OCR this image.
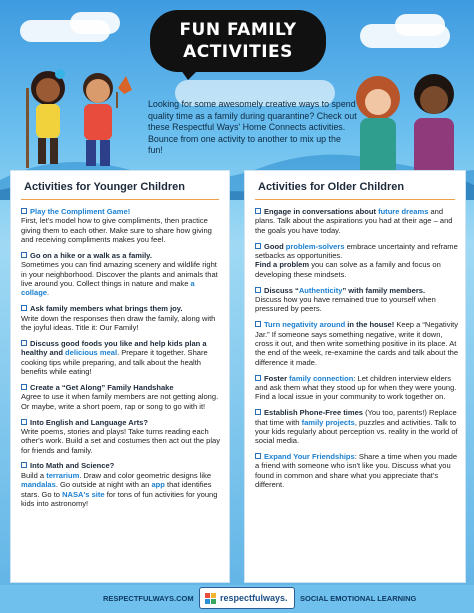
FUN FAMILY
ACTIVITIES
Looking for some awesomely creative ways to spend quality time as a family during quarantine? Check out these Respectful Ways' Home Connects activities. Bounce from one activity to another to mix up the fun!
Activities for Younger Children
Play the Compliment Game!
First, let's model how to give compliments, then practice giving them to each other. Make sure to share how giving and receiving compliments makes you feel.
Go on a hike or a walk as a family.
Sometimes you can find amazing scenery and wildlife right in your neighborhood. Discover the plants and animals that live around you. Collect things in nature and make a collage.
Ask family members what brings them joy.
Write down the responses then draw the family, along with the joyful ideas. Title it: Our Family!
Discuss good foods you like and help kids plan a healthy and delicious meal. Prepare it together. Share cooking tips while preparing, and talk about the health benefits while eating!
Create a “Get Along” Family Handshake
Agree to use it when family members are not getting along. Or maybe, write a short poem, rap or song to go with it!
Into English and Language Arts?
Write poems, stories and plays! Take turns reading each other's work. Build a set and costumes then act out the play for friends and family.
Into Math and Science?
Build a terrarium. Draw and color geometric designs like mandalas. Go outside at night with an app that identifies stars. Go to NASA's site for tons of fun activities for young kids into astronomy!
Activities for Older Children
Engage in conversations about future dreams and plans. Talk about the aspirations you had at their age – and the goals you have today.
Good problem-solvers embrace uncertainty and reframe setbacks as opportunities.
Find a problem you can solve as a family and focus on developing these mindsets.
Discuss “Authenticity” with family members.
Discuss how you have remained true to yourself when pressured by peers.
Turn negativity around in the house! Keep a “Negativity Jar.” If someone says something negative, write it down, cross it out, and then write something positive in its place. At the end of the week, re-examine the cards and talk about the difference it made.
Foster family connection: Let children interview elders and ask them what they stood up for when they were young. Find a local issue in your community to work together on.
Establish Phone-Free times (You too, parents!) Replace that time with family projects, puzzles and activities. Talk to your kids regularly about perception vs. reality in the world of social media.
Expand Your Friendships: Share a time when you made a friend with someone who isn't like you. Discuss what you found in common and share what you appreciate that's different.
RESPECTFULWAYS.COM	respectfulways. SOCIAL EMOTIONAL LEARNING
